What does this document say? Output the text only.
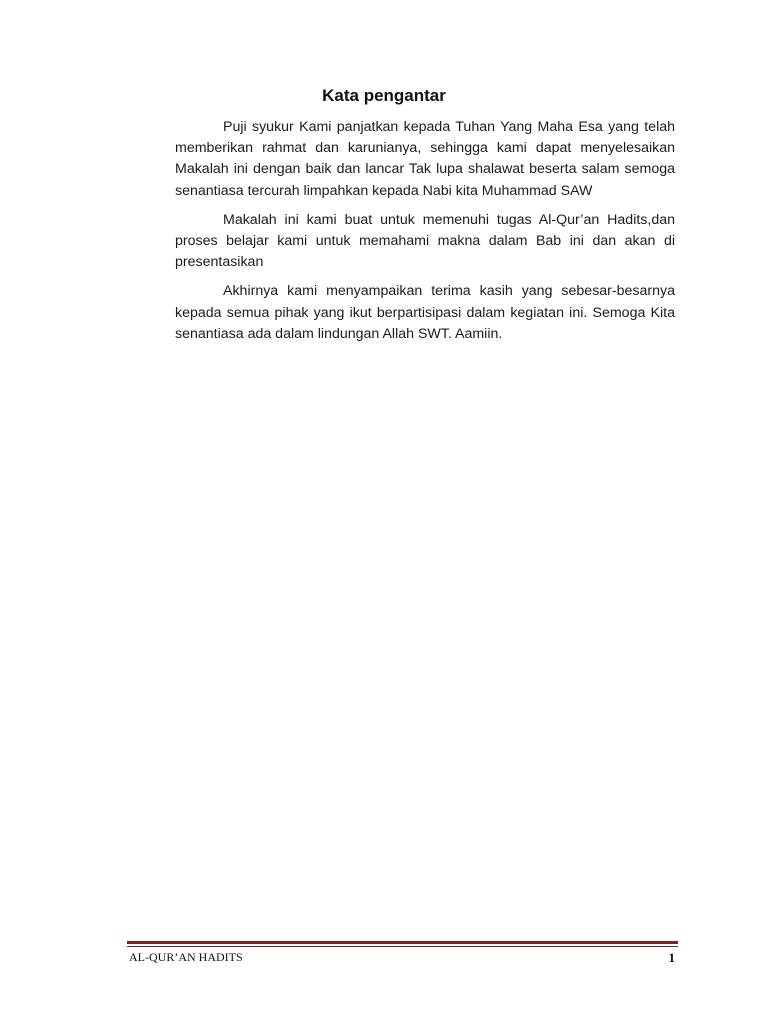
Kata pengantar

Puji syukur Kami panjatkan kepada Tuhan Yang Maha Esa yang telah memberikan rahmat dan karunianya, sehingga kami dapat menyelesaikan Makalah ini dengan baik dan lancar Tak lupa shalawat beserta salam semoga senantiasa tercurah limpahkan kepada Nabi kita Muhammad SAW

Makalah ini kami buat untuk memenuhi tugas Al-Qur’an Hadits,dan proses belajar kami untuk memahami makna dalam Bab ini dan akan di presentasikan

Akhirnya kami menyampaikan terima kasih yang sebesar-besarnya kepada semua pihak yang ikut berpartisipasi dalam kegiatan ini. Semoga Kita senantiasa ada dalam lindungan Allah SWT. Aamiin.

AL-QUR’AN HADITS	1
